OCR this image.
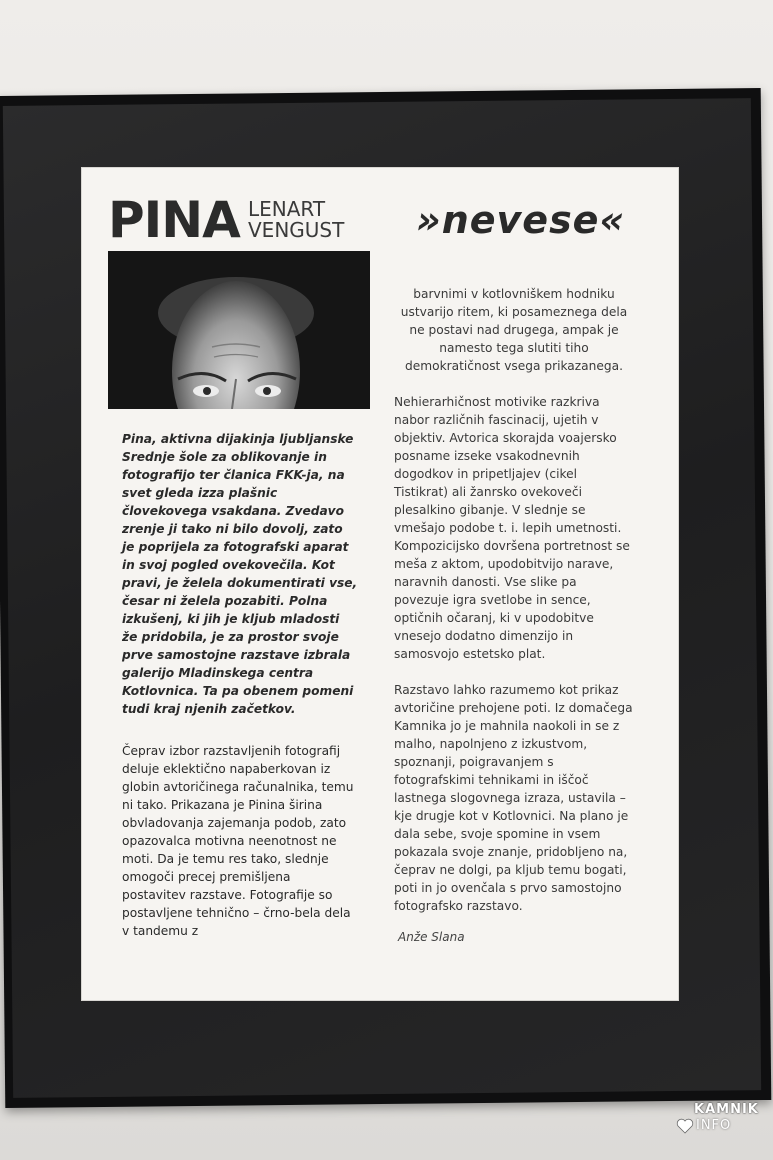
PINA LENART
VENGUST »nevese«

Pina, aktivna dijakinja ljubljanske Srednje šole za oblikovanje in fotografijo ter članica FKK-ja, na svet gleda izza plašnic človekovega vsakdana. Zvedavo zrenje ji tako ni bilo dovolj, zato je poprijela za fotografski aparat in svoj pogled ovekovečila. Kot pravi, je želela dokumentirati vse, česar ni želela pozabiti. Polna izkušenj, ki jih je kljub mladosti že pridobila, je za prostor svoje prve samostojne razstave izbrala galerijo Mladinskega centra Kotlovnica. Ta pa obenem pomeni tudi kraj njenih začetkov.

Čeprav izbor razstavljenih fotografij deluje eklektično napaberkovan iz globin avtoričinega računalnika, temu ni tako. Prikazana je Pinina širina obvladovanja zajemanja podob, zato opazovalca motivna neenotnost ne moti. Da je temu res tako, slednje omogoči precej premišljena postavitev razstave. Fotografije so postavljene tehnično – črno-bela dela v tandemu z

barvnimi v kotlovniškem hodniku ustvarijo ritem, ki posameznega dela ne postavi nad drugega, ampak je namesto tega slutiti tiho demokratičnost vsega prikazanega.

Nehierarhičnost motivike razkriva nabor različnih fascinacij, ujetih v objektiv. Avtorica skorajda voajersko posname izseke vsakodnevnih dogodkov in pripetljajev (cikel Tistikrat) ali žanrsko ovekoveči plesalkino gibanje. V slednje se vmešajo podobe t. i. lepih umetnosti. Kompozicijsko dovršena portretnost se meša z aktom, upodobitvijo narave, naravnih danosti. Vse slike pa povezuje igra svetlobe in sence, optičnih očaranj, ki v upodobitve vnesejo dodatno dimenzijo in samosvojo estetsko plat.

Razstavo lahko razumemo kot prikaz avtoričine prehojene poti. Iz domačega Kamnika jo je mahnila naokoli in se z malho, napolnjeno z izkustvom, spoznanji, poigravanjem s fotografskimi tehnikami in iščoč lastnega slogovnega izraza, ustavila – kje drugje kot v Kotlovnici. Na plano je dala sebe, svoje spomine in vsem pokazala svoje znanje, pridobljeno na, čeprav ne dolgi, pa kljub temu bogati, poti in jo ovenčala s prvo samostojno fotografsko razstavo.

Anže Slana
KAMNIK
INFO
